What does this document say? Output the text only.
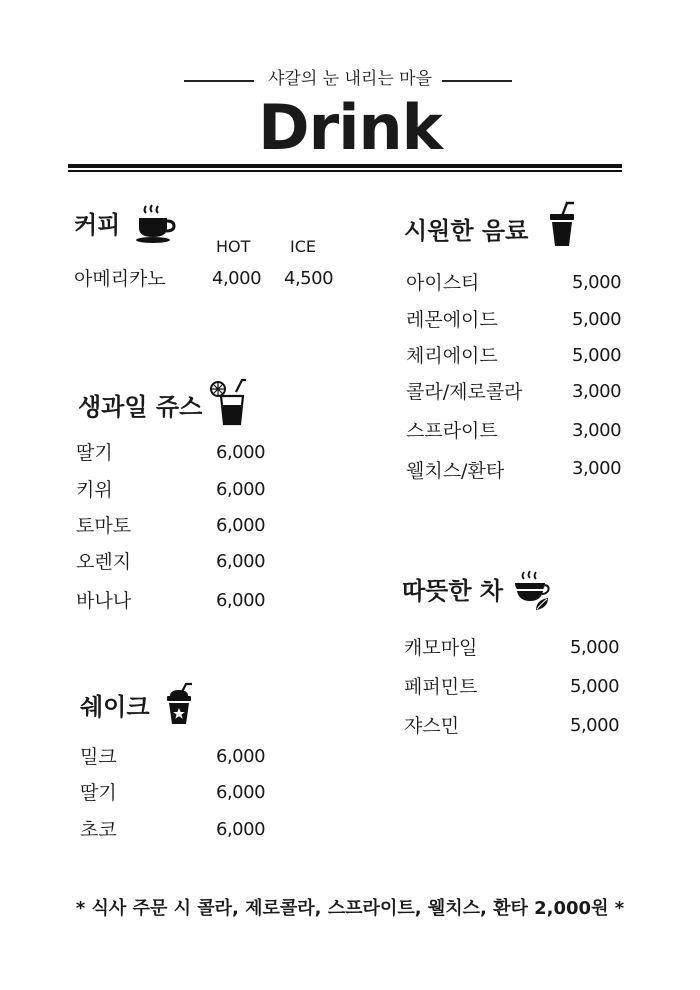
샤갈의 눈 내리는 마을
Drink
커피
HOT ICE
아메리카노	4,000 4,500
생과일 쥬스
딸기	6,000
키위	6,000
토마토	6,000
오렌지	6,000
바나나	6,000
쉐이크
밀크	6,000
딸기	6,000
초코	6,000
시원한 음료
아이스티	5,000
레몬에이드	5,000
체리에이드	5,000
콜라/제로콜라	3,000
스프라이트	3,000
웰치스/환타	3,000
따뜻한 차
캐모마일	5,000
페퍼민트	5,000
쟈스민	5,000
* 식사 주문 시 콜라, 제로콜라, 스프라이트, 웰치스, 환타 2,000원 *
